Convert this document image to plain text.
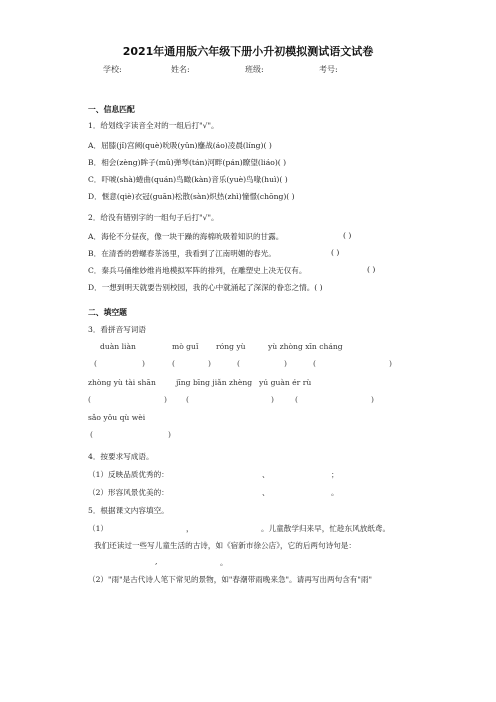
2021年通用版六年级下册小升初模拟测试语文试卷
学校:	姓名:	班级:	考号:
一、信息匹配
1．给划线字读音全对的一组后打"√"。
A．屈膝(jǐ)宫阙(què)吮吸(yǔn)鏖战(áo)凌晨(líng)( )
B．相会(zèng)眸子(mǔ)弹琴(tán)河畔(pán)瞭望(liáo)( )
C．吓唬(shà)蜷曲(quán)鸟瞰(kàn)音乐(yuè)鸟喙(huì)( )
D．惬意(qiè)衣冠(guān)松散(sàn)炽热(zhì)憧憬(chōng)( )
2．给没有错别字的一组句子后打"√"。
A．海伦不分昼夜，像一块干躁的海棉吮吸着知识的甘露。	( )
B．在清香的碧螺春茶汤里，我看到了江南明媚的春光。	( )
C．秦兵马俑维妙维肖地模拟军阵的排列，在雕塑史上决无仅有。	( )
D．一想到明天就要告别校园，我的心中就涌起了深深的眷恋之情。( )
二、填空题
3．看拼音写词语
duàn liàn	mò guǐ róng yù	yù zhòng xīn cháng
(	)	(	)	(	)	(	)
zhòng yù tài shān	jīng bīng jiǎn zhèng yú guàn ér rù
(	)	(	)	(	)
sǎo yǒu qù wèi
(	)
4．按要求写成语。
（1）反映品质优秀的：	、	；
（2）形容风景优美的：	、	。
5．根据课文内容填空。
（1）	，	。儿童散学归来早，忙趁东风放纸鸢。
我们还读过一些写儿童生活的古诗，如《宿新市徐公店》，它的后两句诗句是：
,	。
（2）"雨"是古代诗人笔下常见的景物，如"春潮带雨晚来急"。请再写出两句含有"雨"
